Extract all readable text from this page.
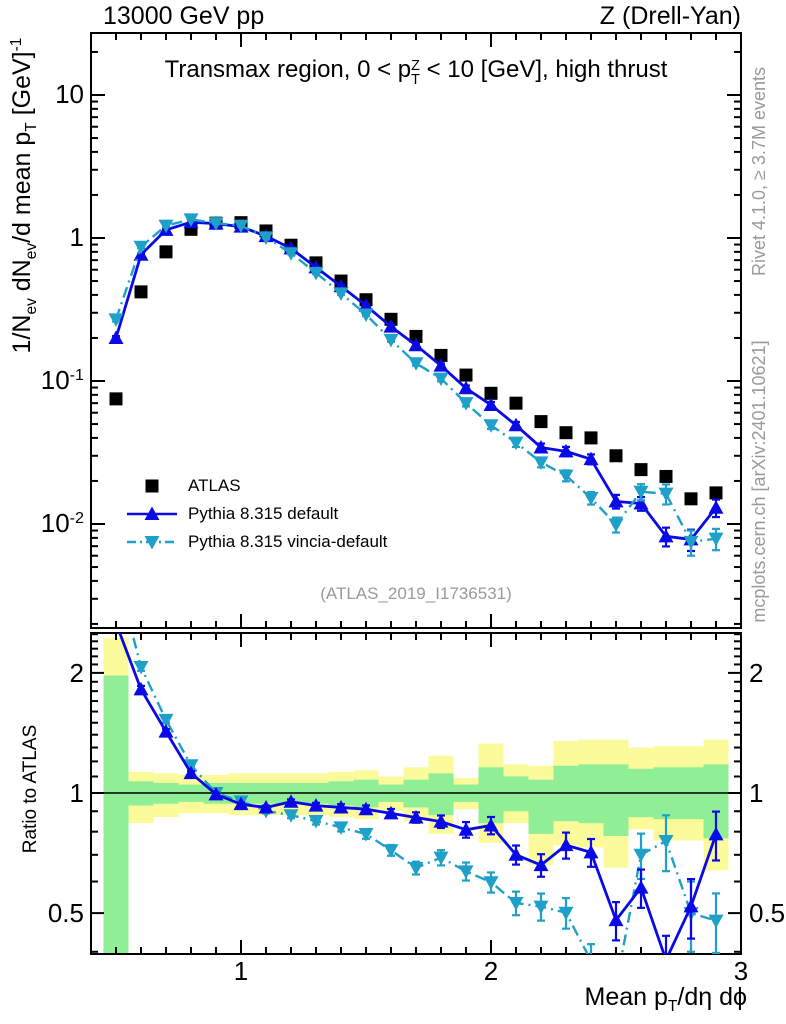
13000 GeV pp	Z (Drell-Yan)
Transmax region, 0 < p Z
T < 10 [GeV], high thrust
$1/N_{ev}$ $dN_{ev}/d$ mean $p_T$ [GeV]$^{-1}$
Ratio to ATLAS
Mean $p_T/d\eta$ dϕ
ATLAS
Pythia 8.315 default
Pythia 8.315 vincia-default
(ATLAS_2019_I1736531)
Rivet 4.1.0, ≥ 3.7M events
mcplots.cern.ch [arXiv:2401.10621]
10
1
$10^{-1}$
$10^{-2}$
2	2
1	1
0.5	0.5
1	2	3
